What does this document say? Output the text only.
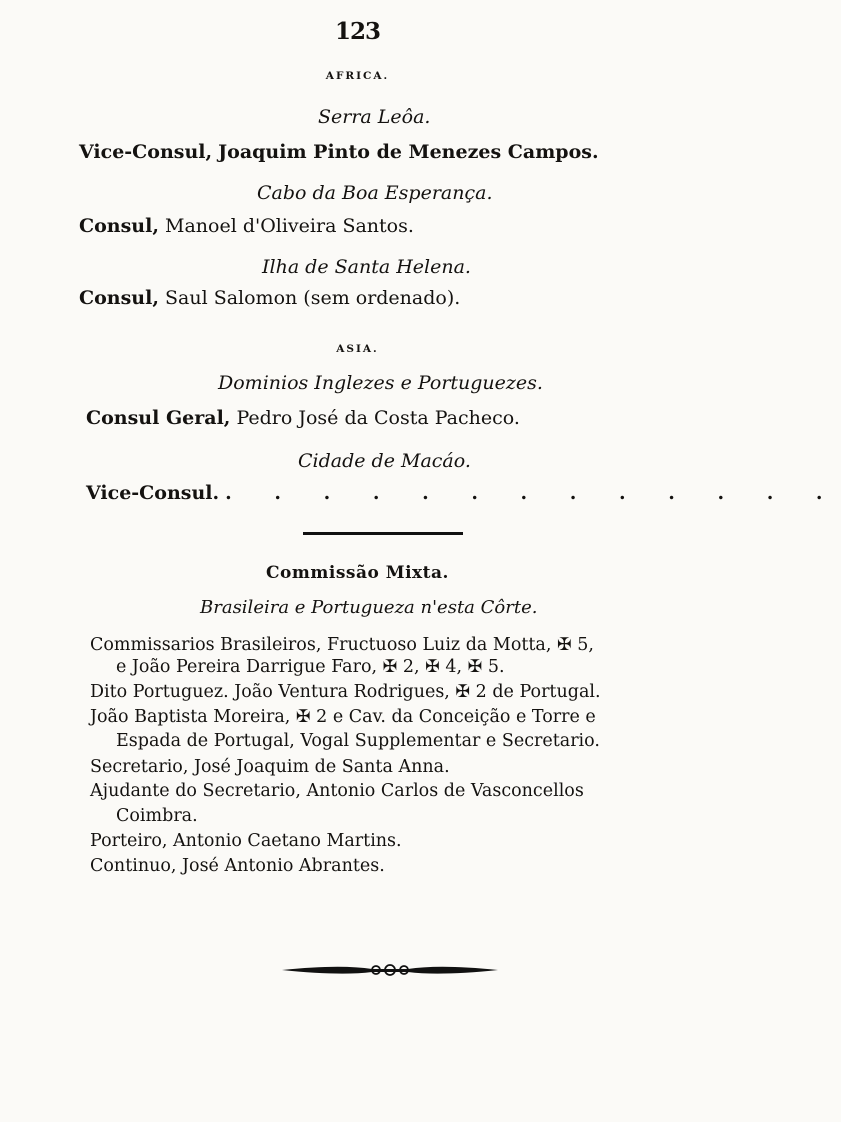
123
AFRICA.
Serra Leôa.
Vice-Consul, Joaquim Pinto de Menezes Campos.
Cabo da Boa Esperança.
Consul, Manoel d'Oliveira Santos.
Ilha de Santa Helena.
Consul, Saul Salomon (sem ordenado).
ASIA.
Dominios Inglezes e Portuguezes.
Consul Geral, Pedro José da Costa Pacheco.
Cidade de Macáo.
Vice-Consul. . . . . . . . . . . . . .
Commissão Mixta.
Brasileira e Portugueza n'esta Côrte.
Commissarios Brasileiros, Fructuoso Luiz da Motta, ✠ 5,
e João Pereira Darrigue Faro, ✠ 2, ✠ 4, ✠ 5.
Dito Portuguez. João Ventura Rodrigues, ✠ 2 de Portugal.
João Baptista Moreira, ✠ 2 e Cav. da Conceição e Torre e
Espada de Portugal, Vogal Supplementar e Secretario.
Secretario, José Joaquim de Santa Anna.
Ajudante do Secretario, Antonio Carlos de Vasconcellos
Coimbra.
Porteiro, Antonio Caetano Martins.
Continuo, José Antonio Abrantes.
